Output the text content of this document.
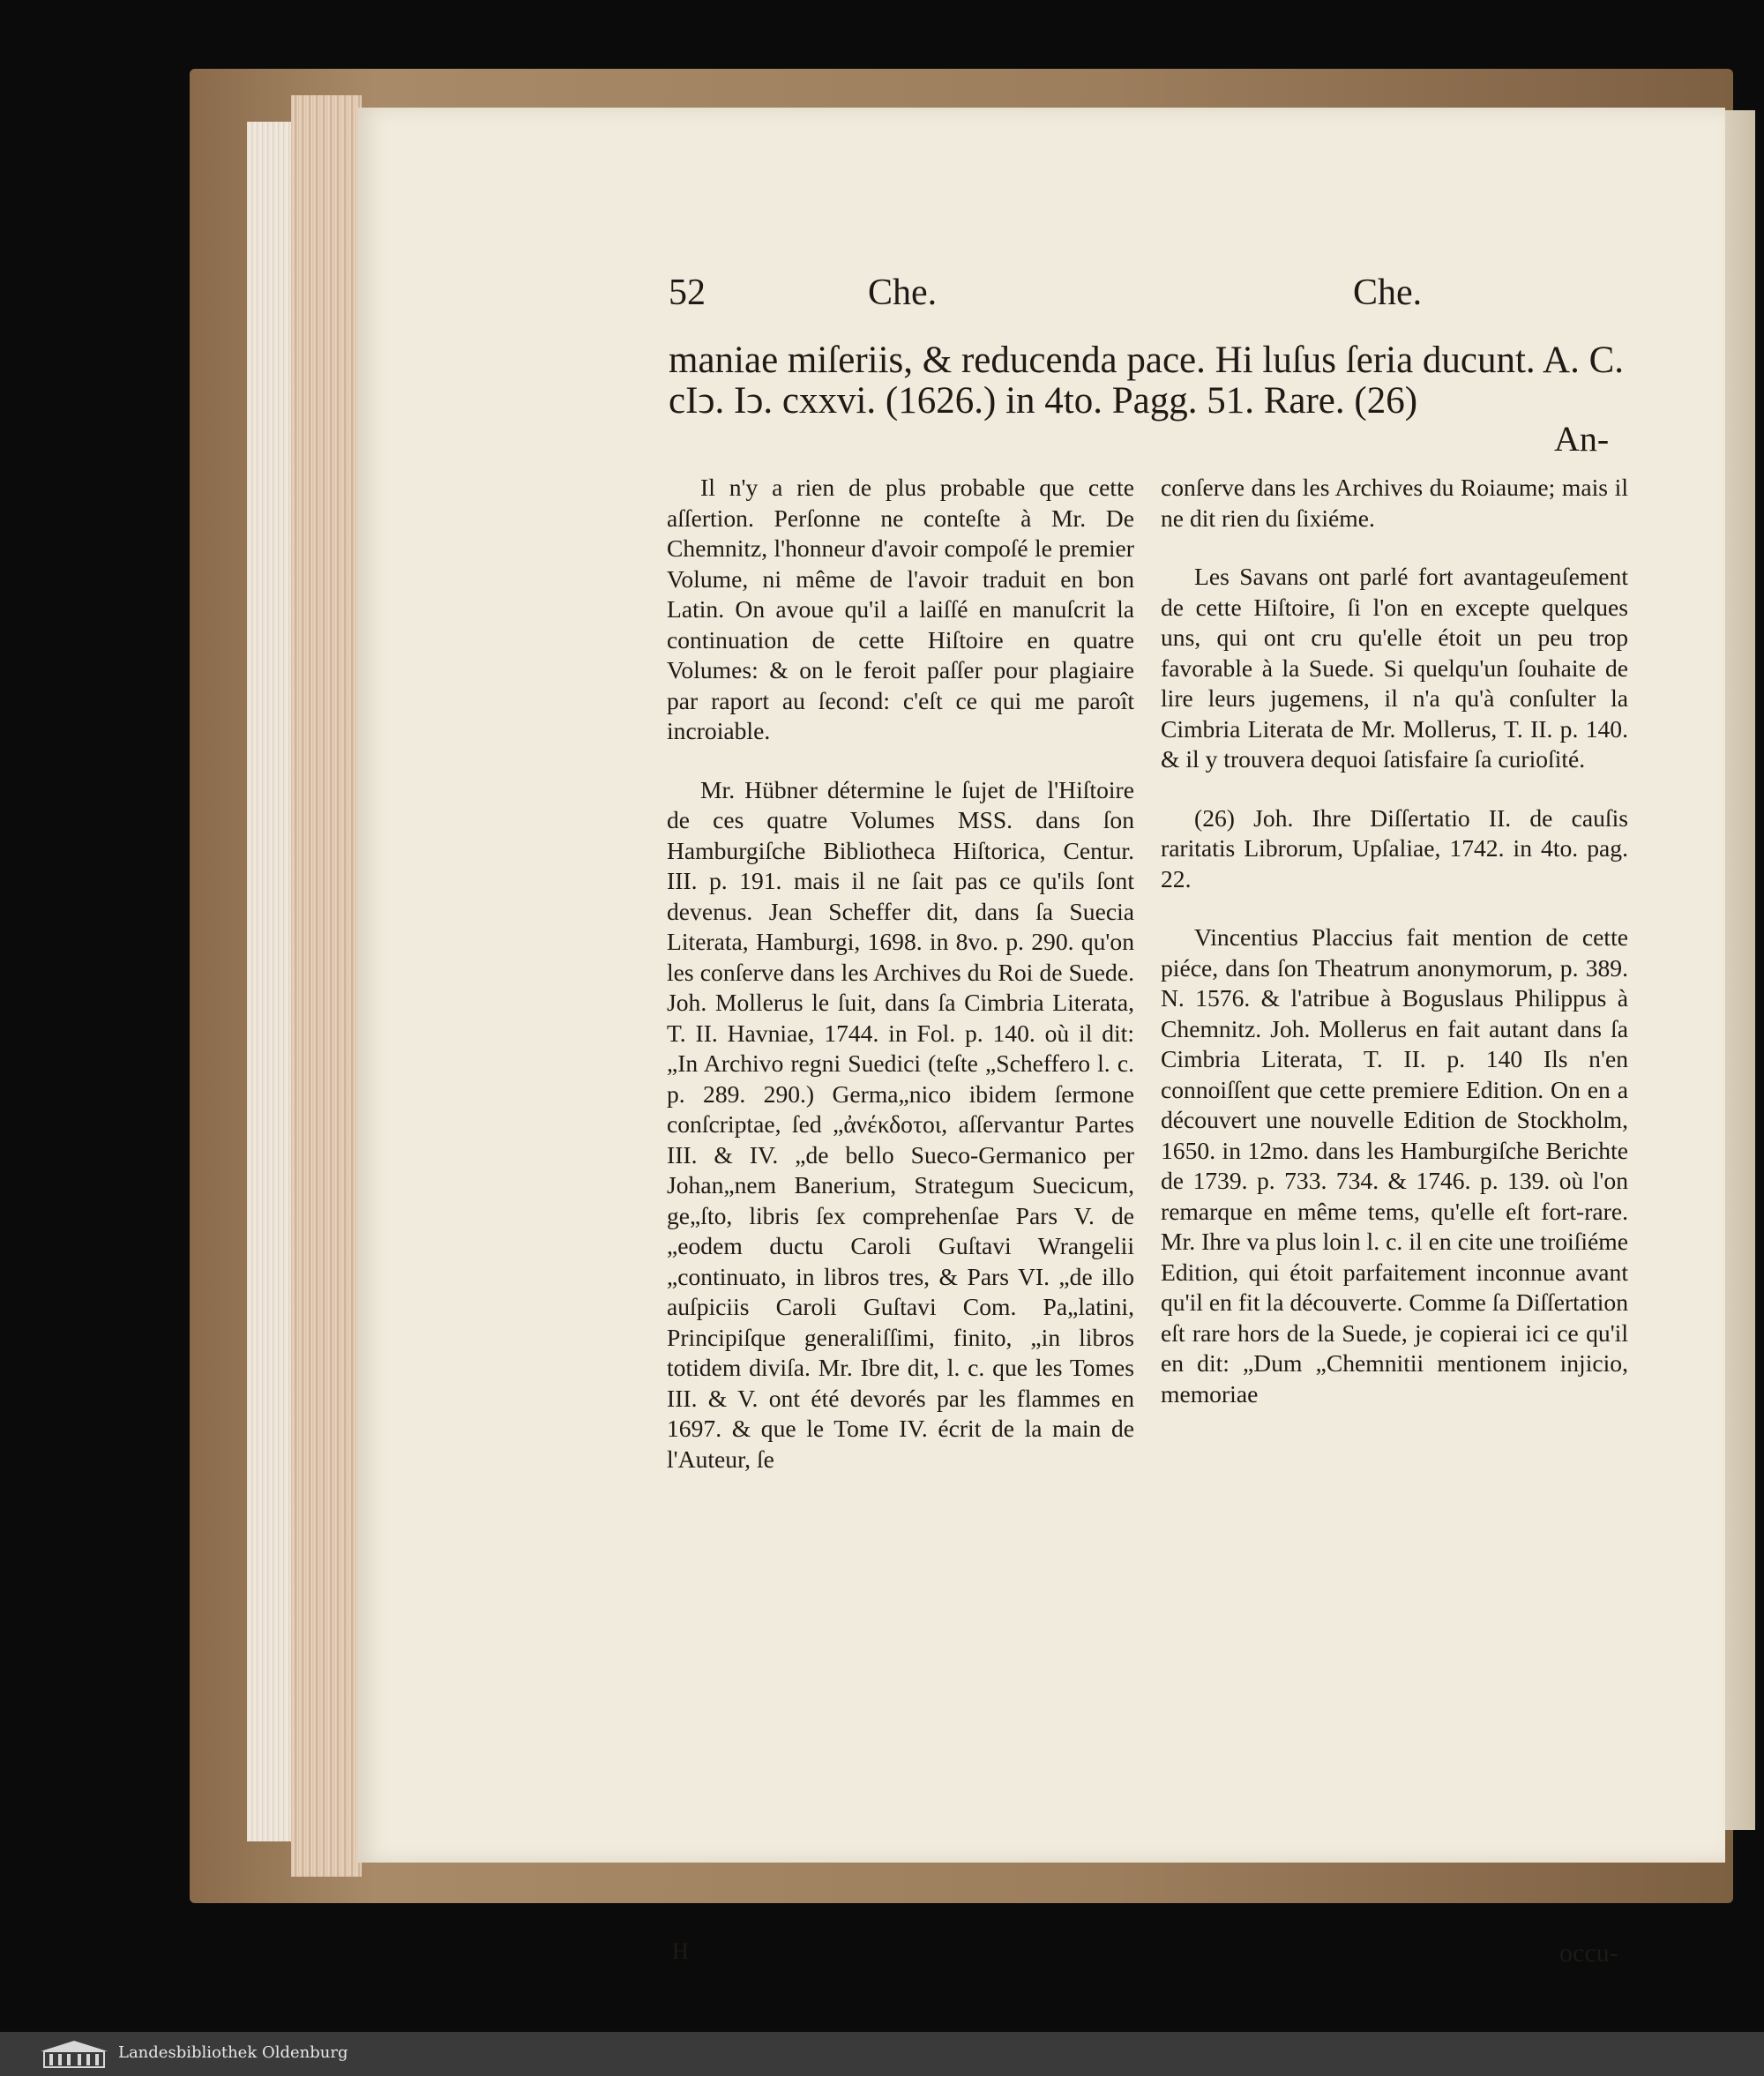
52	Che.	Che.
maniae miſeriis, & reducenda pace. Hi luſus ſeria ducunt. A. C.
cIↄ. Iↄ. cxxvi. (1626.) in 4to. Pagg. 51. Rare. (26)
An-

Il n'y a rien de plus probable que cette aſſertion. Perſonne ne conteſte à Mr. De Chemnitz, l'honneur d'avoir compoſé le premier Volume, ni même de l'avoir traduit en bon Latin. On avoue qu'il a laiſſé en manuſcrit la continuation de cette Hiſtoire en quatre Volumes: & on le feroit paſſer pour plagiaire par raport au ſecond: c'eſt ce qui me paroît incroiable.

Mr. Hübner détermine le ſujet de l'Hiſtoire de ces quatre Volumes MSS. dans ſon Hamburgiſche Bibliotheca Hiſtorica, Centur. III. p. 191. mais il ne ſait pas ce qu'ils ſont devenus. Jean Scheffer dit, dans ſa Suecia Literata, Hamburgi, 1698. in 8vo. p. 290. qu'on les conſerve dans les Archives du Roi de Suede. Joh. Mollerus le ſuit, dans ſa Cimbria Literata, T. II. Havniae, 1744. in Fol. p. 140. où il dit: „In Archivo regni Suedici (teſte „Scheffero l. c. p. 289. 290.) Germa„nico ibidem ſermone conſcriptae, ſed „ἀνέκδοτοι, aſſervantur Partes III. & IV. „de bello Sueco-Germanico per Johan„nem Banerium, Strategum Suecicum, ge„ſto, libris ſex comprehenſae Pars V. de „eodem ductu Caroli Guſtavi Wrangelii „continuato, in libros tres, & Pars VI. „de illo auſpiciis Caroli Guſtavi Com. Pa„latini, Principiſque generaliſſimi, finito, „in libros totidem diviſa. Mr. Ibre dit, l. c. que les Tomes III. & V. ont été devorés par les flammes en 1697. & que le Tome IV. écrit de la main de l'Auteur, ſe

conſerve dans les Archives du Roiaume; mais il ne dit rien du ſixiéme.

Les Savans ont parlé fort avantageuſement de cette Hiſtoire, ſi l'on en excepte quelques uns, qui ont cru qu'elle étoit un peu trop favorable à la Suede. Si quelqu'un ſouhaite de lire leurs jugemens, il n'a qu'à conſulter la Cimbria Literata de Mr. Mollerus, T. II. p. 140. & il y trouvera dequoi ſatisfaire ſa curioſité.

(26) Joh. Ihre Diſſertatio II. de cauſis raritatis Librorum, Upſaliae, 1742. in 4to. pag. 22.

Vincentius Placcius fait mention de cette piéce, dans ſon Theatrum anonymorum, p. 389. N. 1576. & l'atribue à Boguslaus Philippus à Chemnitz. Joh. Mollerus en fait autant dans ſa Cimbria Literata, T. II. p. 140 Ils n'en connoiſſent que cette premiere Edition. On en a découvert une nouvelle Edition de Stockholm, 1650. in 12mo. dans les Hamburgiſche Berichte de 1739. p. 733. 734. & 1746. p. 139. où l'on remarque en même tems, qu'elle eſt fort-rare. Mr. Ihre va plus loin l. c. il en cite une troiſiéme Edition, qui étoit parfaitement inconnue avant qu'il en fit la découverte. Comme ſa Diſſertation eſt rare hors de la Suede, je copierai ici ce qu'il en dit: „Dum „Chemnitii mentionem injicio, memoriae

occu-
H
Landesbibliothek Oldenburg
